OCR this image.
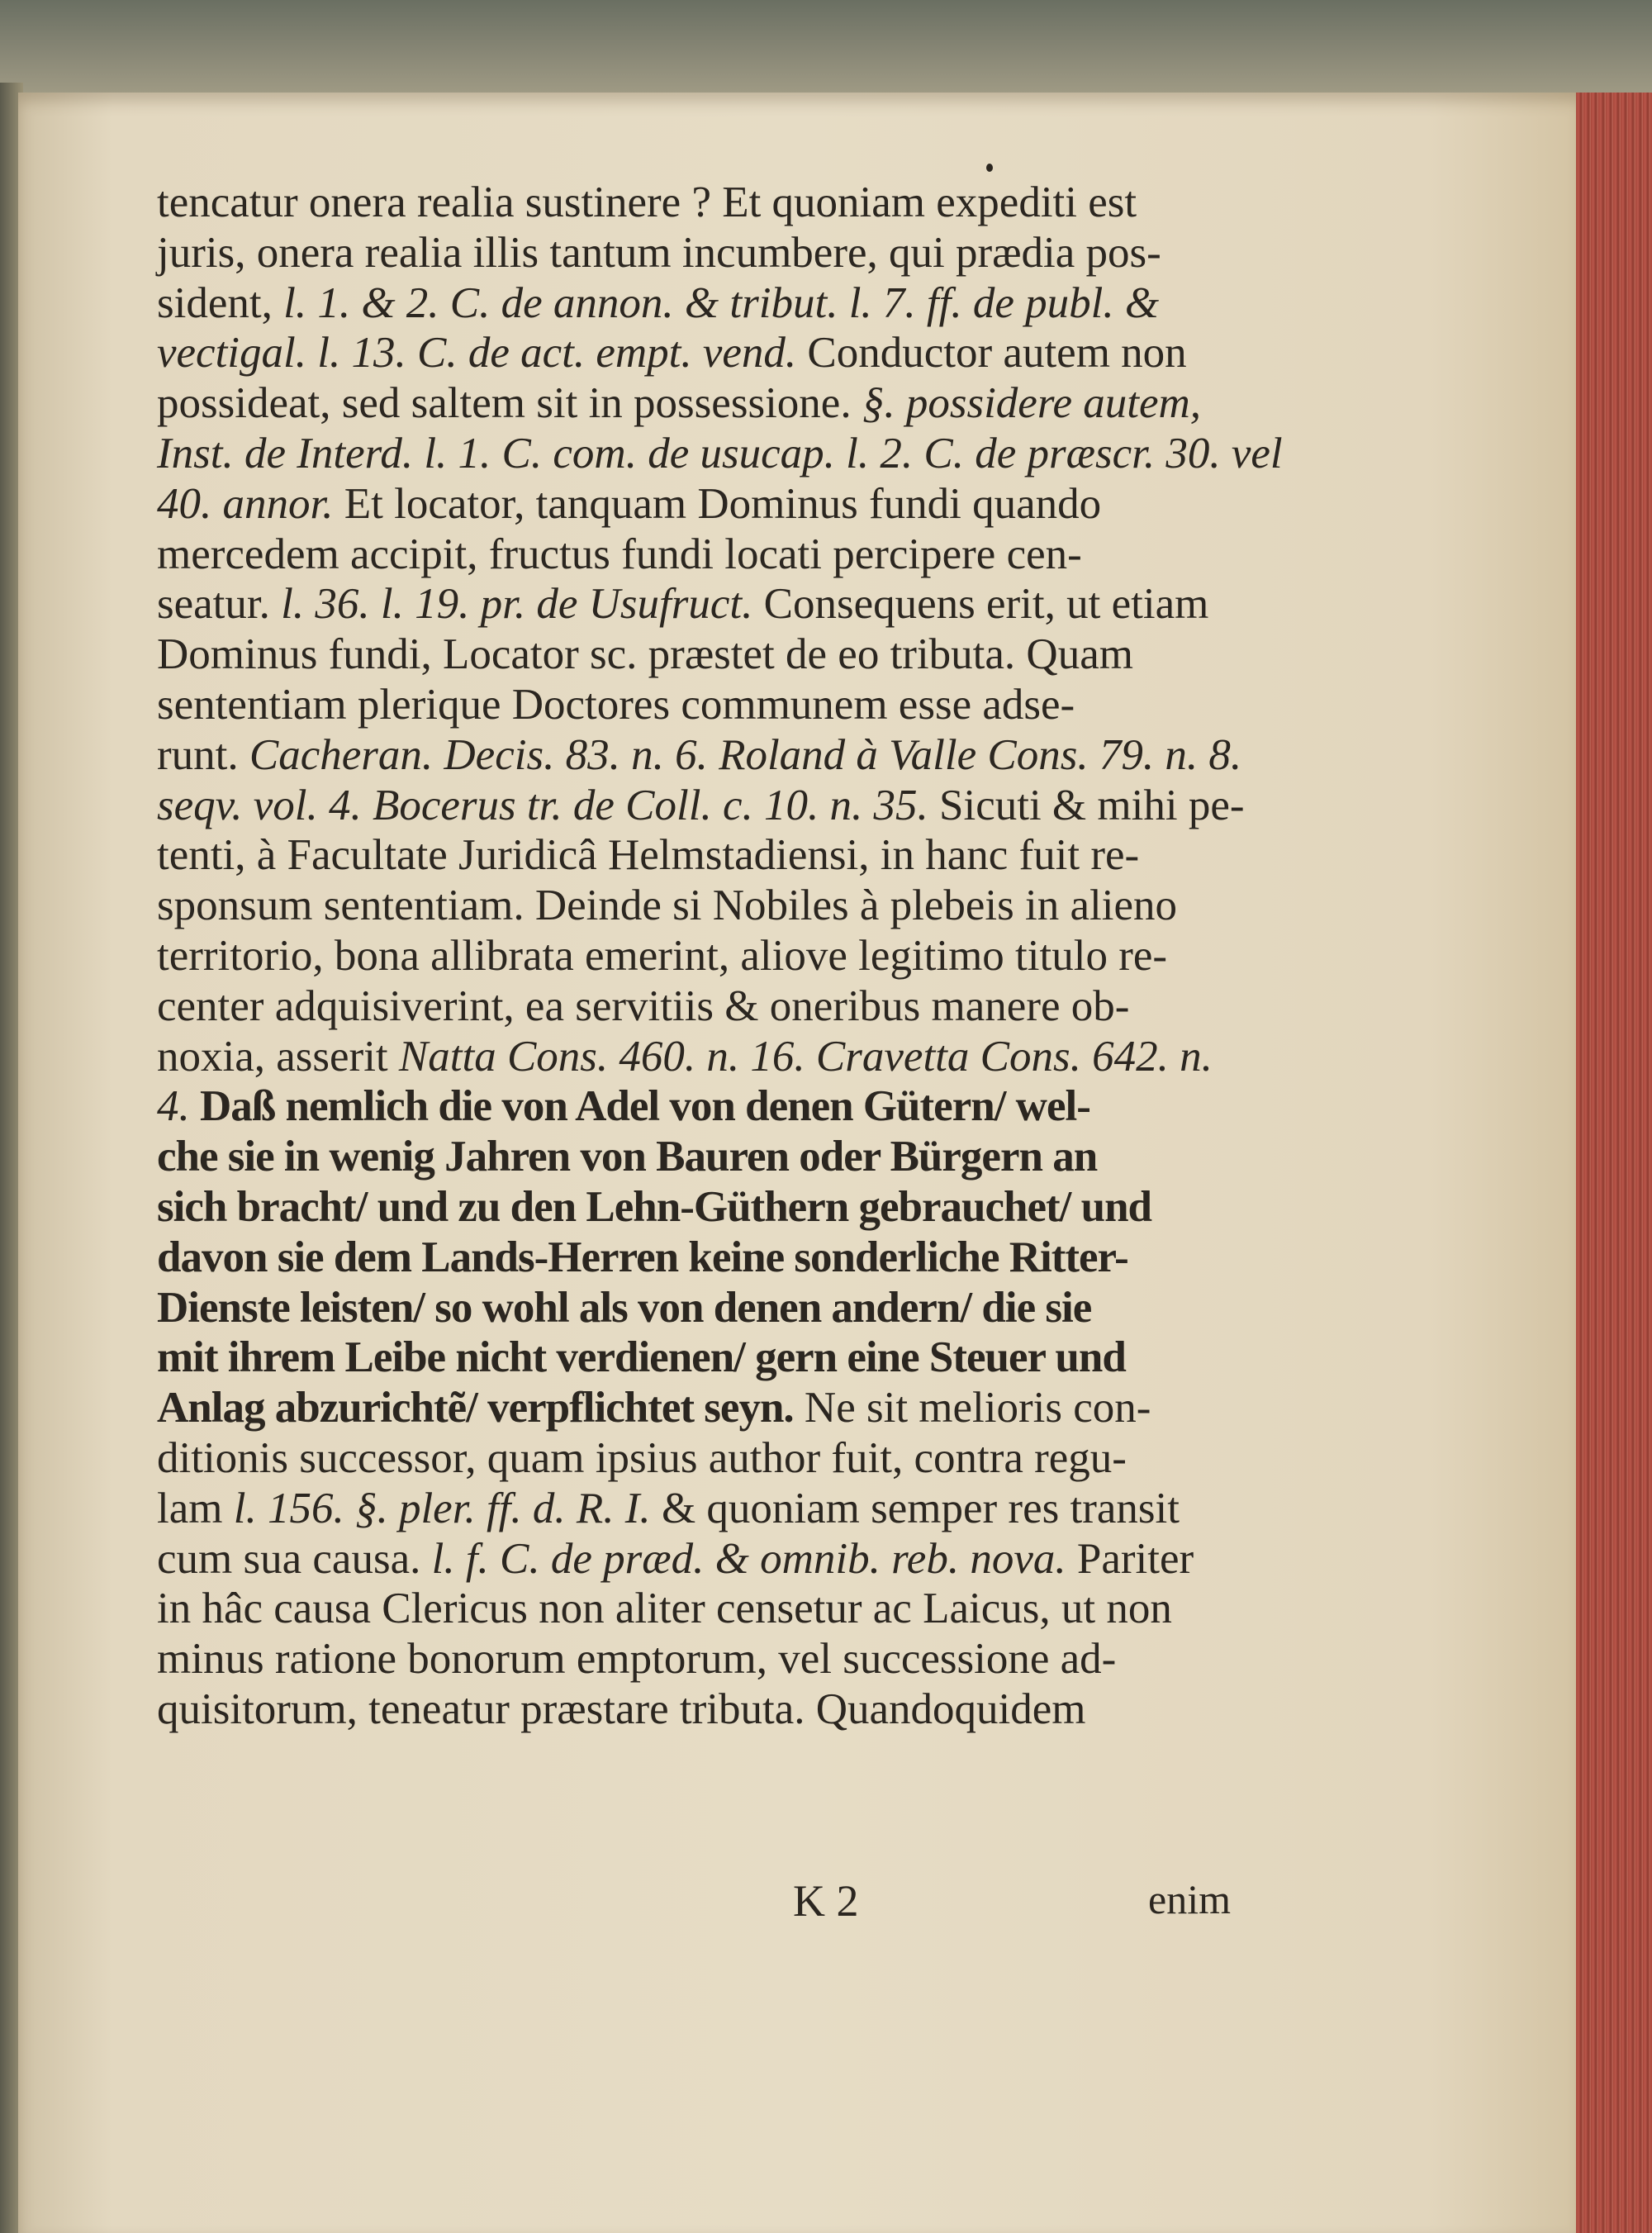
tencatur onera realia sustinere ? Et quoniam expediti est
juris, onera realia illis tantum incumbere, qui prædia pos-
sident, l. 1. & 2. C. de annon. & tribut. l. 7. ff. de publ. &
vectigal. l. 13. C. de act. empt. vend. Conductor autem non
possideat, sed saltem sit in possessione. §. possidere autem,
Inst. de Interd. l. 1. C. com. de usucap. l. 2. C. de præscr. 30. vel
40. annor. Et locator, tanquam Dominus fundi quando
mercedem accipit, fructus fundi locati percipere cen-
seatur. l. 36. l. 19. pr. de Usufruct. Consequens erit, ut etiam
Dominus fundi, Locator sc. præstet de eo tributa. Quam
sententiam plerique Doctores communem esse adse-
runt. Cacheran. Decis. 83. n. 6. Roland à Valle Cons. 79. n. 8.
seqv. vol. 4. Bocerus tr. de Coll. c. 10. n. 35. Sicuti & mihi pe-
tenti, à Facultate Juridicâ Helmstadiensi, in hanc fuit re-
sponsum sententiam. Deinde si Nobiles à plebeis in alieno
territorio, bona allibrata emerint, aliove legitimo titulo re-
center adquisiverint, ea servitiis & oneribus manere ob-
noxia, asserit Natta Cons. 460. n. 16. Cravetta Cons. 642. n.
4. Daß nemlich die von Adel von denen Gütern/ wel-
che sie in wenig Jahren von Bauren oder Bürgern an
sich bracht/ und zu den Lehn-Güthern gebrauchet/ und
davon sie dem Lands-Herren keine sonderliche Ritter-
Dienste leisten/ so wohl als von denen andern/ die sie
mit ihrem Leibe nicht verdienen/ gern eine Steuer und
Anlag abzurichtẽ/ verpflichtet seyn. Ne sit melioris con-
ditionis successor, quam ipsius author fuit, contra regu-
lam l. 156. §. pler. ff. d. R. I. & quoniam semper res transit
cum sua causa. l. f. C. de præd. & omnib. reb. nova. Pariter
in hâc causa Clericus non aliter censetur ac Laicus, ut non
minus ratione bonorum emptorum, vel successione ad-
quisitorum, teneatur præstare tributa. Quandoquidem
K 2	enim
